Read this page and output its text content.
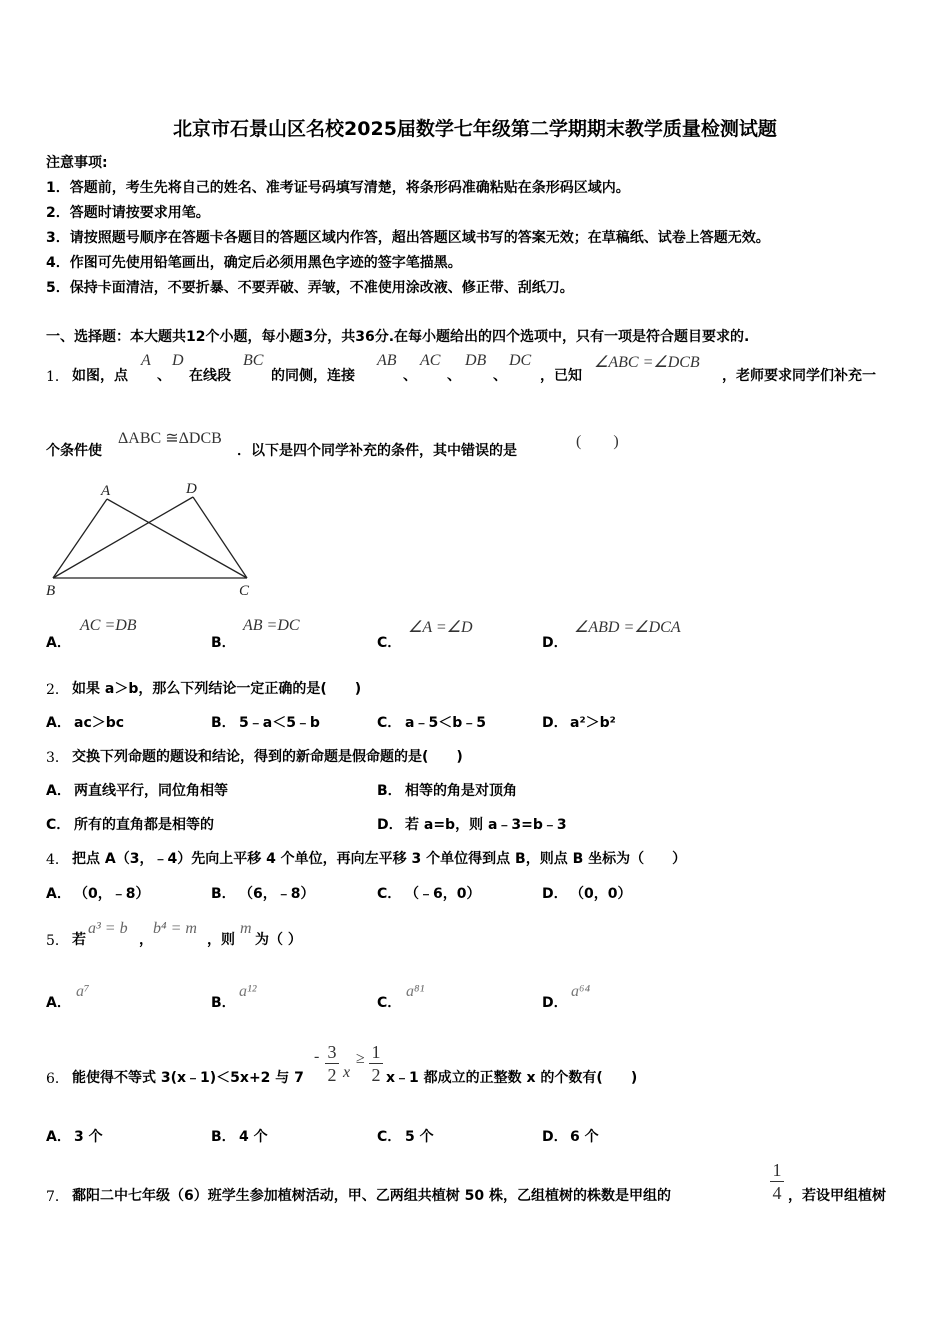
北京市石景山区名校2025届数学七年级第二学期期末教学质量检测试题
注意事项:
1．答题前，考生先将自己的姓名、准考证号码填写清楚，将条形码准确粘贴在条形码区域内。
2．答题时请按要求用笔。
3．请按照题号顺序在答题卡各题目的答题区域内作答，超出答题区域书写的答案无效；在草稿纸、试卷上答题无效。
4．作图可先使用铅笔画出，确定后必须用黑色字迹的签字笔描黑。
5．保持卡面清洁，不要折暴、不要弄破、弄皱，不准使用涂改液、修正带、刮纸刀。
一、选择题：本大题共12个小题，每小题3分，共36分.在每小题给出的四个选项中，只有一项是符合题目要求的.
1． 如图，点
A
、
D
在线段
BC
的同侧，连接
AB
、
AC
、
DB
、
DC
，已知
∠ABC =∠DCB
，老师要求同学们补充一
个条件使
ΔABC ≅ΔDCB
．以下是四个同学补充的条件，其中错误的是
(　　)
A	D
B	C
A．
AC =DB
B．
AB =DC
C．
∠A =∠D
D．
∠ABD =∠DCA
2． 如果 a＞b，那么下列结论一定正确的是(　　)
A． ac＞bc	B． 5﹣a＜5﹣b	C． a﹣5＜b﹣5	D． a²＞b²
3． 交换下列命题的题设和结论，得到的新命题是假命题的是(　　)
A． 两直线平行，同位角相等	B． 相等的角是对顶角
C． 所有的直角都是相等的	D． 若 a=b，则 a﹣3=b﹣3
4． 把点 A（3，﹣4）先向上平移 4 个单位，再向左平移 3 个单位得到点 B，则点 B 坐标为（　　）
A． （0，﹣8）	B． （6，﹣8）	C． （﹣6，0）	D． （0，0）
5． 若
a³ = b
，
b⁴ = m
，则
m
为（ ）
A．
a⁷
B．
a¹²
C．
a⁸¹
D．
a⁶⁴
6． 能使得不等式 3(x﹣1)＜5x+2 与 7
- 3
2 x
≥ 1
2 x﹣1 都成立的正整数 x 的个数有(　　)
A． 3 个	B． 4 个	C． 5 个	D． 6 个
7． 鄱阳二中七年级（6）班学生参加植树活动，甲、乙两组共植树 50 株，乙组植树的株数是甲组的
1
4 ，若设甲组植树
